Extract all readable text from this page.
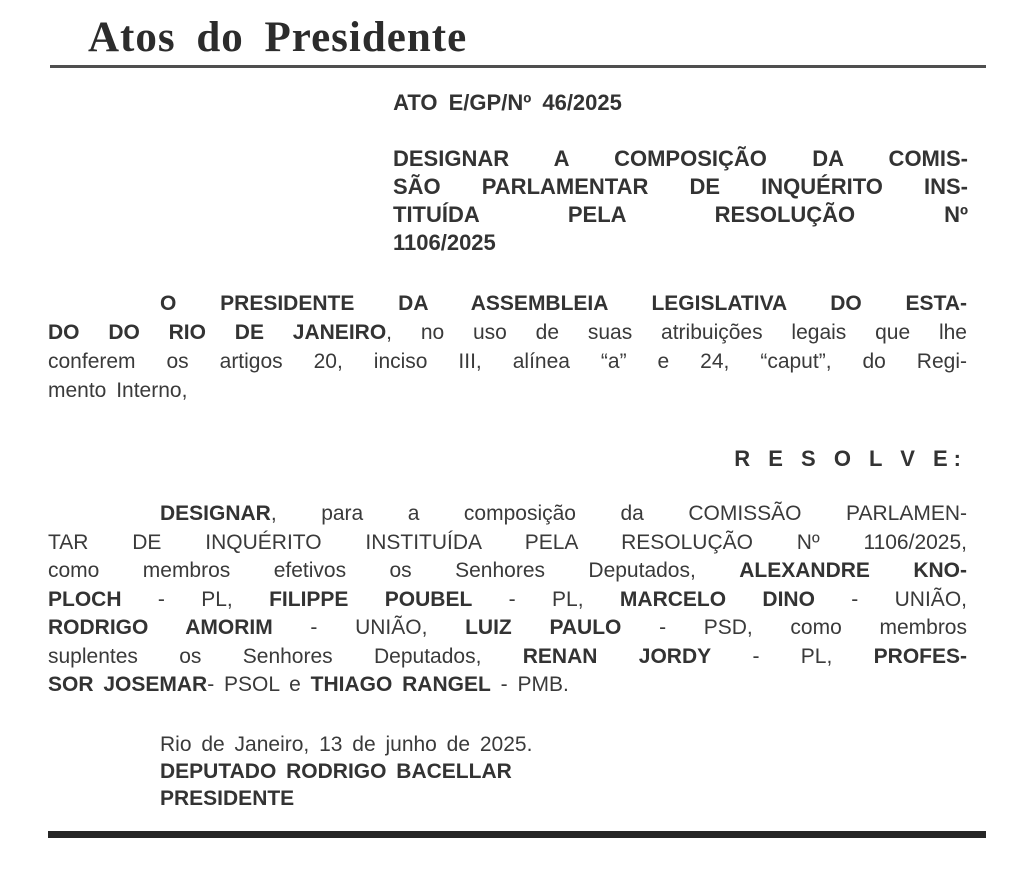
Atos do Presidente
ATO E/GP/Nº 46/2025
DESIGNAR A COMPOSIÇÃO DA COMIS-
SÃO PARLAMENTAR DE INQUÉRITO INS-
TITUÍDA PELA RESOLUÇÃO Nº
1106/2025
O PRESIDENTE DA ASSEMBLEIA LEGISLATIVA DO ESTA-
DO DO RIO DE JANEIRO, no uso de suas atribuições legais que lhe
conferem os artigos 20, inciso III, alínea “a” e 24, “caput”, do Regi-
mento Interno,
R E S O L V E:
DESIGNAR, para a composição da COMISSÃO PARLAMEN-
TAR DE INQUÉRITO INSTITUÍDA PELA RESOLUÇÃO Nº 1106/2025,
como membros efetivos os Senhores Deputados, ALEXANDRE KNO-
PLOCH - PL, FILIPPE POUBEL - PL, MARCELO DINO - UNIÃO,
RODRIGO AMORIM - UNIÃO, LUIZ PAULO - PSD, como membros
suplentes os Senhores Deputados, RENAN JORDY - PL, PROFES-
SOR JOSEMAR- PSOL e THIAGO RANGEL - PMB.
Rio de Janeiro, 13 de junho de 2025.
DEPUTADO RODRIGO BACELLAR
PRESIDENTE
